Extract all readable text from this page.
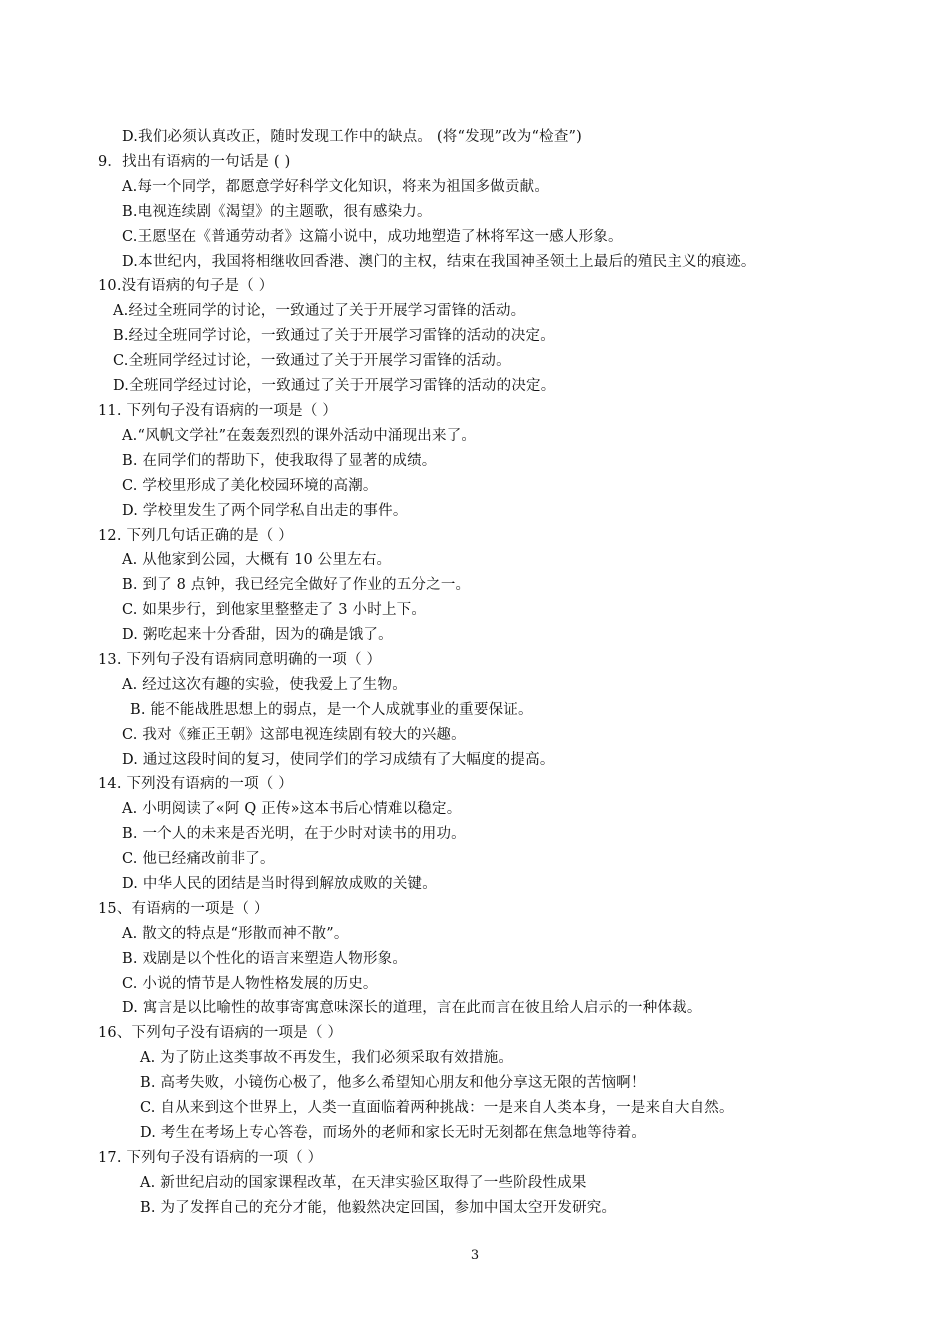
D.我们必须认真改正，随时发现工作中的缺点。 (将“发现”改为“检查”)
9．找出有语病的一句话是 ( )
A.每一个同学，都愿意学好科学文化知识，将来为祖国多做贡献。
B.电视连续剧《渴望》的主题歌，很有感染力。
C.王愿坚在《普通劳动者》这篇小说中，成功地塑造了林将军这一感人形象。
D.本世纪内，我国将相继收回香港、澳门的主权，结束在我国神圣领土上最后的殖民主义的痕迹。
10.没有语病的句子是（ ）
A.经过全班同学的讨论，一致通过了关于开展学习雷锋的活动。
B.经过全班同学讨论，一致通过了关于开展学习雷锋的活动的决定。
C.全班同学经过讨论，一致通过了关于开展学习雷锋的活动。
D.全班同学经过讨论，一致通过了关于开展学习雷锋的活动的决定。
11. 下列句子没有语病的一项是（ ）
A.“风帆文学社”在轰轰烈烈的课外活动中涌现出来了。
B. 在同学们的帮助下，使我取得了显著的成绩。
C. 学校里形成了美化校园环境的高潮。
D. 学校里发生了两个同学私自出走的事件。
12. 下列几句话正确的是（ ）
A. 从他家到公园，大概有 10 公里左右。
B. 到了 8 点钟，我已经完全做好了作业的五分之一。
C. 如果步行，到他家里整整走了 3 小时上下。
D. 粥吃起来十分香甜，因为的确是饿了。
13. 下列句子没有语病同意明确的一项（ ）
A. 经过这次有趣的实验，使我爱上了生物。
B. 能不能战胜思想上的弱点，是一个人成就事业的重要保证。
C. 我对《雍正王朝》这部电视连续剧有较大的兴趣。
D. 通过这段时间的复习，使同学们的学习成绩有了大幅度的提高。
14. 下列没有语病的一项（ ）
A. 小明阅读了«阿 Q 正传»这本书后心情难以稳定。
B. 一个人的未来是否光明，在于少时对读书的用功。
C. 他已经痛改前非了。
D. 中华人民的团结是当时得到解放成败的关键。
15、有语病的一项是（ ）
A. 散文的特点是“形散而神不散”。
B. 戏剧是以个性化的语言来塑造人物形象。
C. 小说的情节是人物性格发展的历史。
D. 寓言是以比喻性的故事寄寓意味深长的道理，言在此而言在彼且给人启示的一种体裁。
16、下列句子没有语病的一项是（ ）
A. 为了防止这类事故不再发生，我们必须采取有效措施。
B. 高考失败，小镜伤心极了，他多么希望知心朋友和他分享这无限的苦恼啊！
C. 自从来到这个世界上，人类一直面临着两种挑战：一是来自人类本身，一是来自大自然。
D. 考生在考场上专心答卷，而场外的老师和家长无时无刻都在焦急地等待着。
17. 下列句子没有语病的一项（ ）
A. 新世纪启动的国家课程改革，在天津实验区取得了一些阶段性成果
B. 为了发挥自己的充分才能，他毅然决定回国，参加中国太空开发研究。
3
